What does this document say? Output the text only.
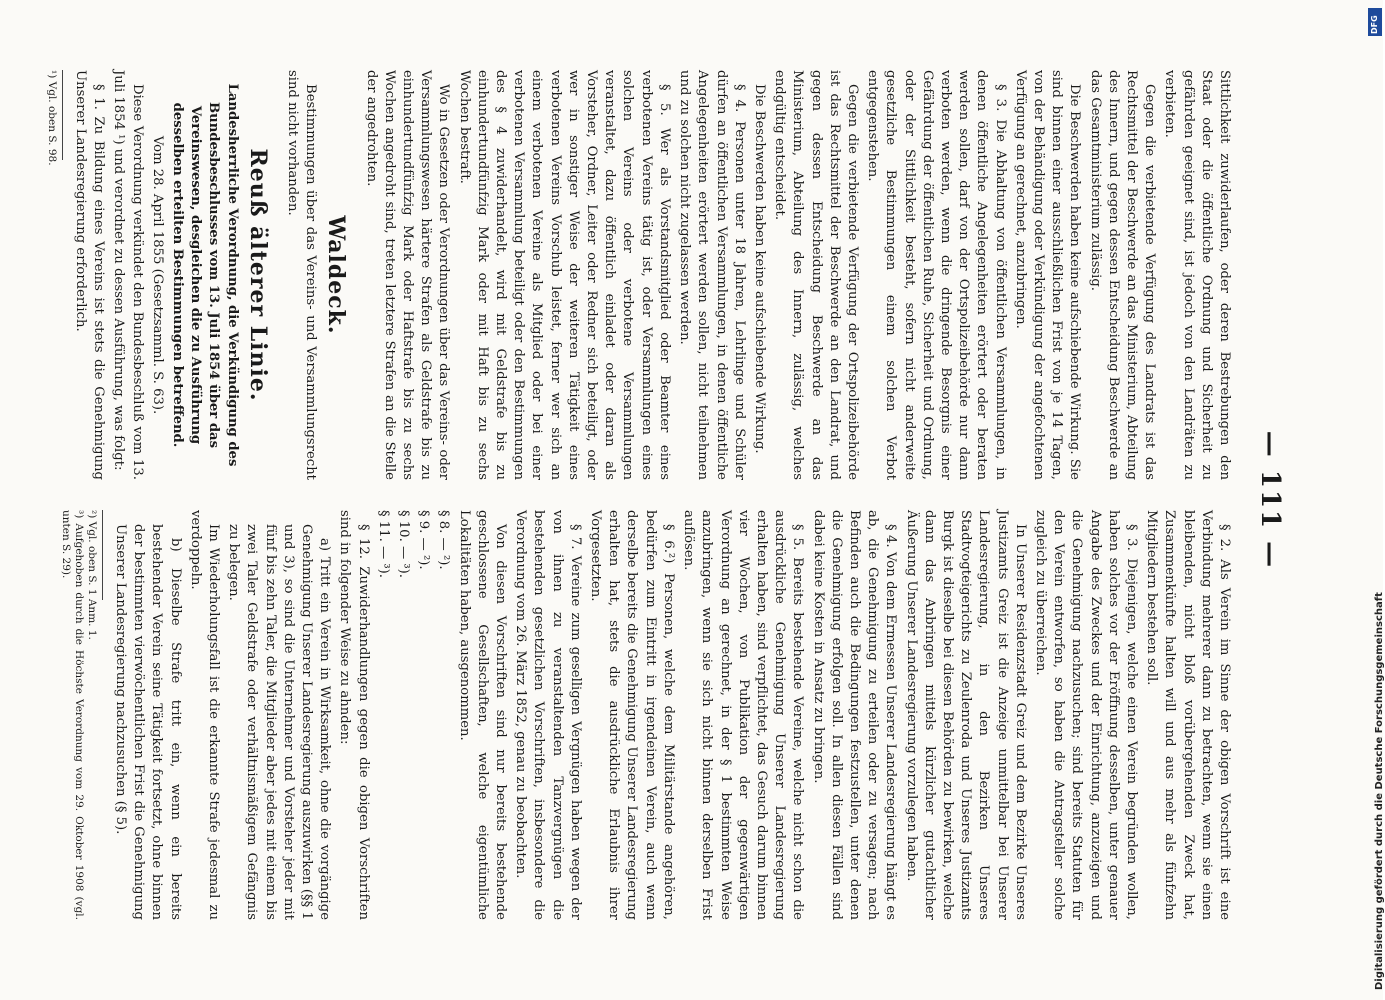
— 111 —

Sittlichkeit zuwiderlaufen, oder deren Bestrebungen den Staat oder die öffentliche Ordnung und Sicherheit zu gefährden geeignet sind, ist jedoch von den Landräten zu verbieten.

Gegen die verbietende Verfügung des Landrats ist das Rechtsmittel der Beschwerde an das Ministerium, Abteilung des Innern, und gegen dessen Entscheidung Beschwerde an das Gesamtministerium zulässig.

Die Beschwerden haben keine aufschiebende Wirkung. Sie sind binnen einer ausschließlichen Frist von je 14 Tagen, von der Behändigung oder Verkündigung der angefochtenen Verfügung an gerechnet, anzubringen.

§ 3. Die Abhaltung von öffentlichen Versammlungen, in denen öffentliche Angelegenheiten erörtert oder beraten werden sollen, darf von der Ortspolizeibehörde nur dann verboten werden, wenn die dringende Besorgnis einer Gefährdung der öffentlichen Ruhe, Sicherheit und Ordnung, oder der Sittlichkeit besteht, sofern nicht anderweite gesetzliche Bestimmungen einem solchen Verbot entgegenstehen.

Gegen die verbietende Verfügung der Ortspolizeibehörde ist das Rechtsmittel der Beschwerde an den Landrat, und gegen dessen Entscheidung Beschwerde an das Ministerium, Abteilung des Innern, zulässig, welches endgültig entscheidet.

Die Beschwerden haben keine aufschiebende Wirkung.

§ 4. Personen unter 18 Jahren, Lehrlinge und Schüler dürfen an öffentlichen Versammlungen, in denen öffentliche Angelegenheiten erörtert werden sollen, nicht teilnehmen und zu solchen nicht zugelassen werden.

§ 5. Wer als Vorstandsmitglied oder Beamter eines verbotenen Vereins tätig ist, oder Versammlungen eines solchen Vereins oder verbotene Versammlungen veranstaltet, dazu öffentlich einladet oder daran als Vorsteher, Ordner, Leiter oder Redner sich beteiligt, oder wer in sonstiger Weise der weiteren Tätigkeit eines verbotenen Vereins Vorschub leistet, ferner wer sich an einem verbotenen Vereine als Mitglied oder bei einer verbotenen Versammlung beteiligt oder den Bestimmungen des § 4 zuwiderhandelt, wird mit Geldstrafe bis zu einhundertundfünfzig Mark oder mit Haft bis zu sechs Wochen bestraft.

Wo in Gesetzen oder Verordnungen über das Vereins- oder Versammlungswesen härtere Strafen als Geldstrafe bis zu einhundertundfünfzig Mark oder Haftstrafe bis zu sechs Wochen angedroht sind, treten letztere Strafen an die Stelle der angedrohten.

Waldeck.

Bestimmungen über das Vereins- und Versammlungsrecht sind nicht vorhanden.

Reuß älterer Linie.

Landesherrliche Verordnung, die Verkündigung des Bundesbeschlusses vom 13. Juli 1854 über das Vereinswesen, desgleichen die zu Ausführung desselben erteilten Bestimmungen betreffend.

Vom 28. April 1855 (Gesetzsamml. S. 63).

Diese Verordnung verkündet den Bundesbeschluß vom 13. Juli 1854 ¹) und verordnet zu dessen Ausführung, was folgt:

§ 1. Zu Bildung eines Vereins ist stets die Genehmigung Unserer Landesregierung erforderlich.

¹) Vgl. oben S. 98.

§ 2. Als Verein im Sinne der obigen Vorschrift ist eine Verbindung mehrerer dann zu betrachten, wenn sie einen bleibenden, nicht bloß vorübergehenden Zweck hat, Zusammenkünfte halten will und aus mehr als fünfzehn Mitgliedern bestehen soll.

§ 3. Diejenigen, welche einen Verein begründen wollen, haben solches vor der Eröffnung desselben, unter genauer Angabe des Zweckes und der Einrichtung, anzuzeigen und die Genehmigung nachzusuchen; sind bereits Statuten für den Verein entworfen, so haben die Antragsteller solche zugleich zu überreichen.

In Unserer Residenzstadt Greiz und dem Bezirke Unseres Justizamts Greiz ist die Anzeige unmittelbar bei Unserer Landesregierung, in den Bezirken Unseres Stadtvogteigerichts zu Zeulenroda und Unseres Justizamts Burgk ist dieselbe bei diesen Behörden zu bewirken, welche dann das Anbringen mittels kürzlicher gutachtlicher Äußerung Unserer Landesregierung vorzulegen haben.

§ 4. Von dem Ermessen Unserer Landesregierung hängt es ab, die Genehmigung zu erteilen oder zu versagen; nach Befinden auch die Bedingungen festzustellen, unter denen die Genehmigung erfolgen soll. In allen diesen Fällen sind dabei keine Kosten in Ansatz zu bringen.

§ 5. Bereits bestehende Vereine, welche nicht schon die ausdrückliche Genehmigung Unserer Landesregierung erhalten haben, sind verpflichtet, das Gesuch darum binnen vier Wochen, von Publikation der gegenwärtigen Verordnung an gerechnet, in der § 1 bestimmten Weise anzubringen, wenn sie sich nicht binnen derselben Frist auflösen.

§ 6.²) Personen, welche dem Militärstande angehören, bedürfen zum Eintritt in irgendeinen Verein, auch wenn derselbe bereits die Genehmigung Unserer Landesregierung erhalten hat, stets die ausdrückliche Erlaubnis ihrer Vorgesetzten.

§ 7. Vereine zum geselligen Vergnügen haben wegen der von ihnen zu veranstaltenden Tanzvergnügen die bestehenden gesetzlichen Vorschriften, insbesondere die Verordnung vom 26. März 1852, genau zu beobachten.

Von diesen Vorschriften sind nur bereits bestehende geschlossene Gesellschaften, welche eigentümliche Lokalitäten haben, ausgenommen.

§ 8. — ²).

§ 9. — ²).

§ 10. — ³).

§ 11. — ³).

§ 12. Zuwiderhandlungen gegen die obigen Vorschriften sind in folgender Weise zu ahnden:

a) Tritt ein Verein in Wirksamkeit, ohne die vorgängige Genehmigung Unserer Landesregierung auszuwirken (§§ 1 und 3), so sind die Unternehmer und Vorsteher jeder mit fünf bis zehn Taler, die Mitglieder aber jedes mit einem bis zwei Taler Geldstrafe oder verhältnismäßigem Gefängnis zu belegen.

Im Wiederholungsfall ist die erkannte Strafe jedesmal zu verdoppeln.

b) Dieselbe Strafe tritt ein, wenn ein bereits bestehender Verein seine Tätigkeit fortsetzt, ohne binnen der bestimmten vierwöchentlichen Frist die Genehmigung Unserer Landesregierung nachzusuchen (§ 5).

²) Vgl. oben S. 1 Anm. 1.
³) Aufgehoben durch die Höchste Verordnung vom 29. Oktober 1908 (vgl. unten S. 29).
DFG
Digitalisierung gefördert durch die Deutsche Forschungsgemeinschaft
